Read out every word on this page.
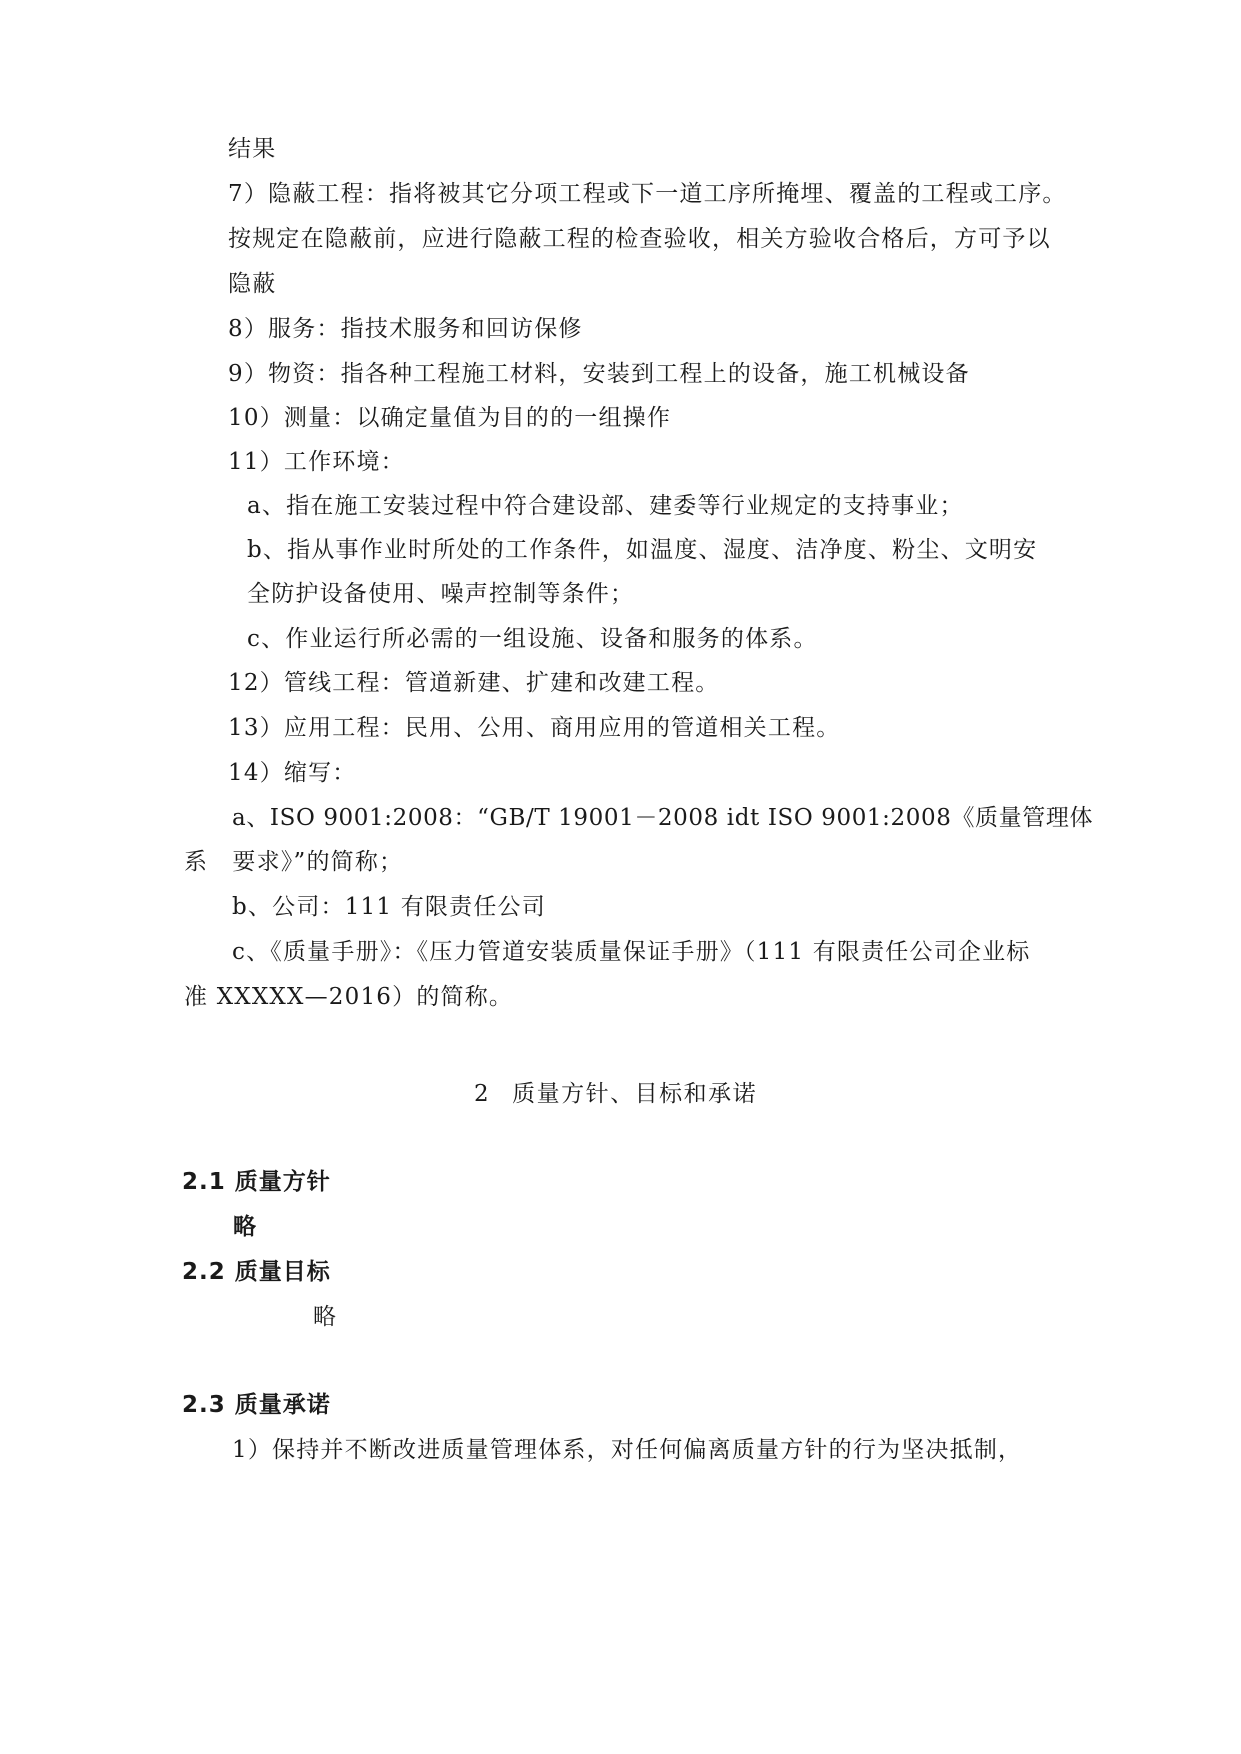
结果
7）隐蔽工程：指将被其它分项工程或下一道工序所掩埋、覆盖的工程或工序。
按规定在隐蔽前，应进行隐蔽工程的检查验收，相关方验收合格后，方可予以
隐蔽
8）服务：指技术服务和回访保修
9）物资：指各种工程施工材料，安装到工程上的设备，施工机械设备
10）测量：以确定量值为目的的一组操作
11）工作环境：
a、指在施工安装过程中符合建设部、建委等行业规定的支持事业；
b、指从事作业时所处的工作条件，如温度、湿度、洁净度、粉尘、文明安
全防护设备使用、噪声控制等条件；
c、作业运行所必需的一组设施、设备和服务的体系。
12）管线工程：管道新建、扩建和改建工程。
13）应用工程：民用、公用、商用应用的管道相关工程。
14）缩写：
a、ISO 9001:2008：“GB/T 19001－2008 idt ISO 9001:2008《质量管理体
系　要求》”的简称；
b、公司：111 有限责任公司
c、《质量手册》：《压力管道安装质量保证手册》（111 有限责任公司企业标
准 XXXXX—2016）的简称。
2 质量方针、目标和承诺
2.1 质量方针
略
2.2 质量目标
略
2.3 质量承诺
1）保持并不断改进质量管理体系，对任何偏离质量方针的行为坚决抵制，
